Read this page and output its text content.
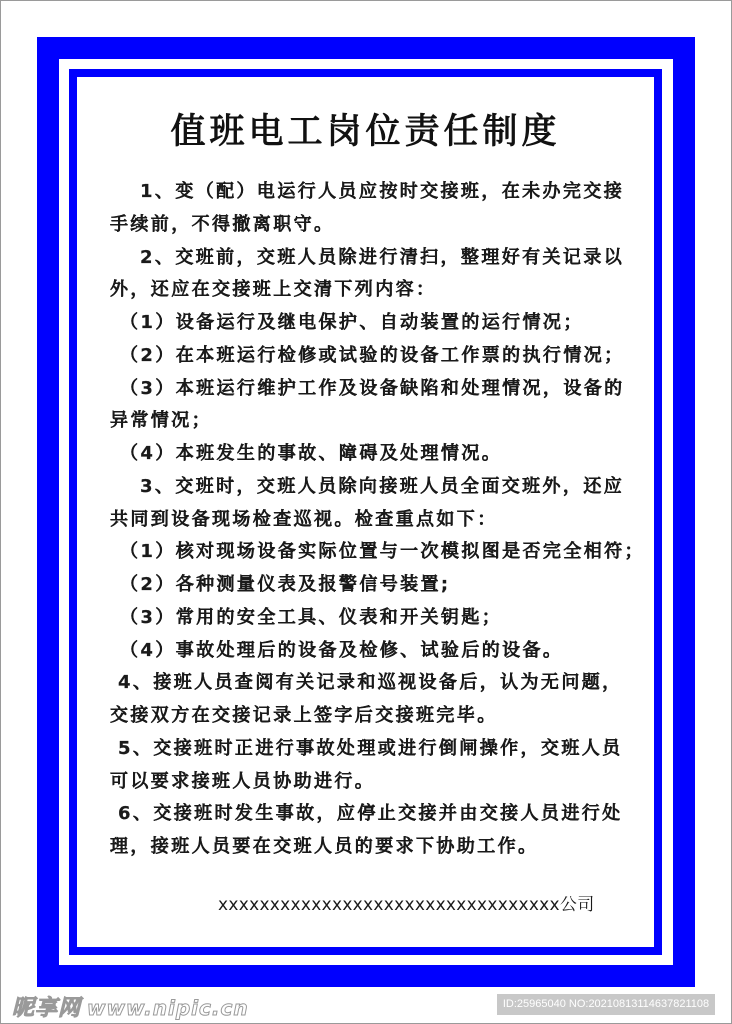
值班电工岗位责任制度
1、变（配）电运行人员应按时交接班，在未办完交接
手续前，不得撤离职守。
2、交班前，交班人员除进行清扫，整理好有关记录以
外，还应在交接班上交清下列内容：
（1）设备运行及继电保护、自动装置的运行情况；
（2）在本班运行检修或试验的设备工作票的执行情况；
（3）本班运行维护工作及设备缺陷和处理情况，设备的
异常情况；
（4）本班发生的事故、障碍及处理情况。
3、交班时，交班人员除向接班人员全面交班外，还应
共同到设备现场检查巡视。检查重点如下：
（1）核对现场设备实际位置与一次模拟图是否完全相符；
（2）各种测量仪表及报警信号装置;
（3）常用的安全工具、仪表和开关钥匙；
（4）事故处理后的设备及检修、试验后的设备。
4、接班人员查阅有关记录和巡视设备后，认为无问题，
交接双方在交接记录上签字后交接班完毕。
5、交接班时正进行事故处理或进行倒闸操作，交班人员
可以要求接班人员协助进行。
6、交接班时发生事故，应停止交接并由交接人员进行处
理，接班人员要在交班人员的要求下协助工作。
xxxxxxxxxxxxxxxxxxxxxxxxxxxxxxxxx公司
昵享网 www.nipic.cn	ID:25965040 NO:20210813114637821108
